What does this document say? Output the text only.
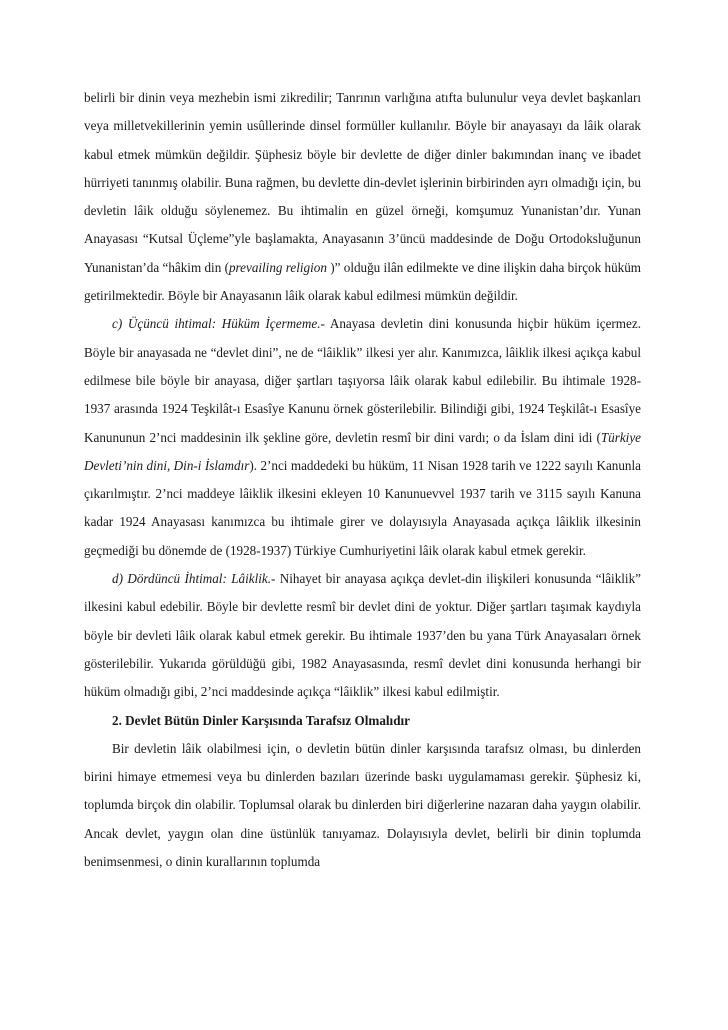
belirli bir dinin veya mezhebin ismi zikredilir; Tanrının varlığına atıfta bulunulur veya devlet başkanları veya milletvekillerinin yemin usûllerinde dinsel formüller kullanılır. Böyle bir anayasayı da lâik olarak kabul etmek mümkün değildir. Şüphesiz böyle bir devlette de diğer dinler bakımından inanç ve ibadet hürriyeti tanınmış olabilir. Buna rağmen, bu devlette din-devlet işlerinin birbirinden ayrı olmadığı için, bu devletin lâik olduğu söylenemez. Bu ihtimalin en güzel örneği, komşumuz Yunanistan’dır. Yunan Anayasası “Kutsal Üçleme”yle başlamakta, Anayasanın 3’üncü maddesinde de Doğu Ortodoksluğunun Yunanistan’da “hâkim din (prevailing religion )” olduğu ilân edilmekte ve dine ilişkin daha birçok hüküm getirilmektedir. Böyle bir Anayasanın lâik olarak kabul edilmesi mümkün değildir.

c) Üçüncü ihtimal: Hüküm İçermeme.- Anayasa devletin dini konusunda hiçbir hüküm içermez. Böyle bir anayasada ne “devlet dini”, ne de “lâiklik” ilkesi yer alır. Kanımızca, lâiklik ilkesi açıkça kabul edilmese bile böyle bir anayasa, diğer şartları taşıyorsa lâik olarak kabul edilebilir. Bu ihtimale 1928-1937 arasında 1924 Teşkilât-ı Esasîye Kanunu örnek gösterilebilir. Bilindiği gibi, 1924 Teşkilât-ı Esasîye Kanununun 2’nci maddesinin ilk şekline göre, devletin resmî bir dini vardı; o da İslam dini idi (Türkiye Devleti’nin dini, Din-i İslamdır). 2’nci maddedeki bu hüküm, 11 Nisan 1928 tarih ve 1222 sayılı Kanunla çıkarılmıştır. 2’nci maddeye lâiklik ilkesini ekleyen 10 Kanunuevvel 1937 tarih ve 3115 sayılı Kanuna kadar 1924 Anayasası kanımızca bu ihtimale girer ve dolayısıyla Anayasada açıkça lâiklik ilkesinin geçmediği bu dönemde de (1928-1937) Türkiye Cumhuriyetini lâik olarak kabul etmek gerekir.

d) Dördüncü İhtimal: Lâiklik.- Nihayet bir anayasa açıkça devlet-din ilişkileri konusunda “lâiklik” ilkesini kabul edebilir. Böyle bir devlette resmî bir devlet dini de yoktur. Diğer şartları taşımak kaydıyla böyle bir devleti lâik olarak kabul etmek gerekir. Bu ihtimale 1937’den bu yana Türk Anayasaları örnek gösterilebilir. Yukarıda görüldüğü gibi, 1982 Anayasasında, resmî devlet dini konusunda herhangi bir hüküm olmadığı gibi, 2’nci maddesinde açıkça “lâiklik” ilkesi kabul edilmiştir.

2. Devlet Bütün Dinler Karşısında Tarafsız Olmalıdır

Bir devletin lâik olabilmesi için, o devletin bütün dinler karşısında tarafsız olması, bu dinlerden birini himaye etmemesi veya bu dinlerden bazıları üzerinde baskı uygulamaması gerekir. Şüphesiz ki, toplumda birçok din olabilir. Toplumsal olarak bu dinlerden biri diğerlerine nazaran daha yaygın olabilir. Ancak devlet, yaygın olan dine üstünlük tanıyamaz. Dolayısıyla devlet, belirli bir dinin toplumda benimsenmesi, o dinin kurallarının toplumda
